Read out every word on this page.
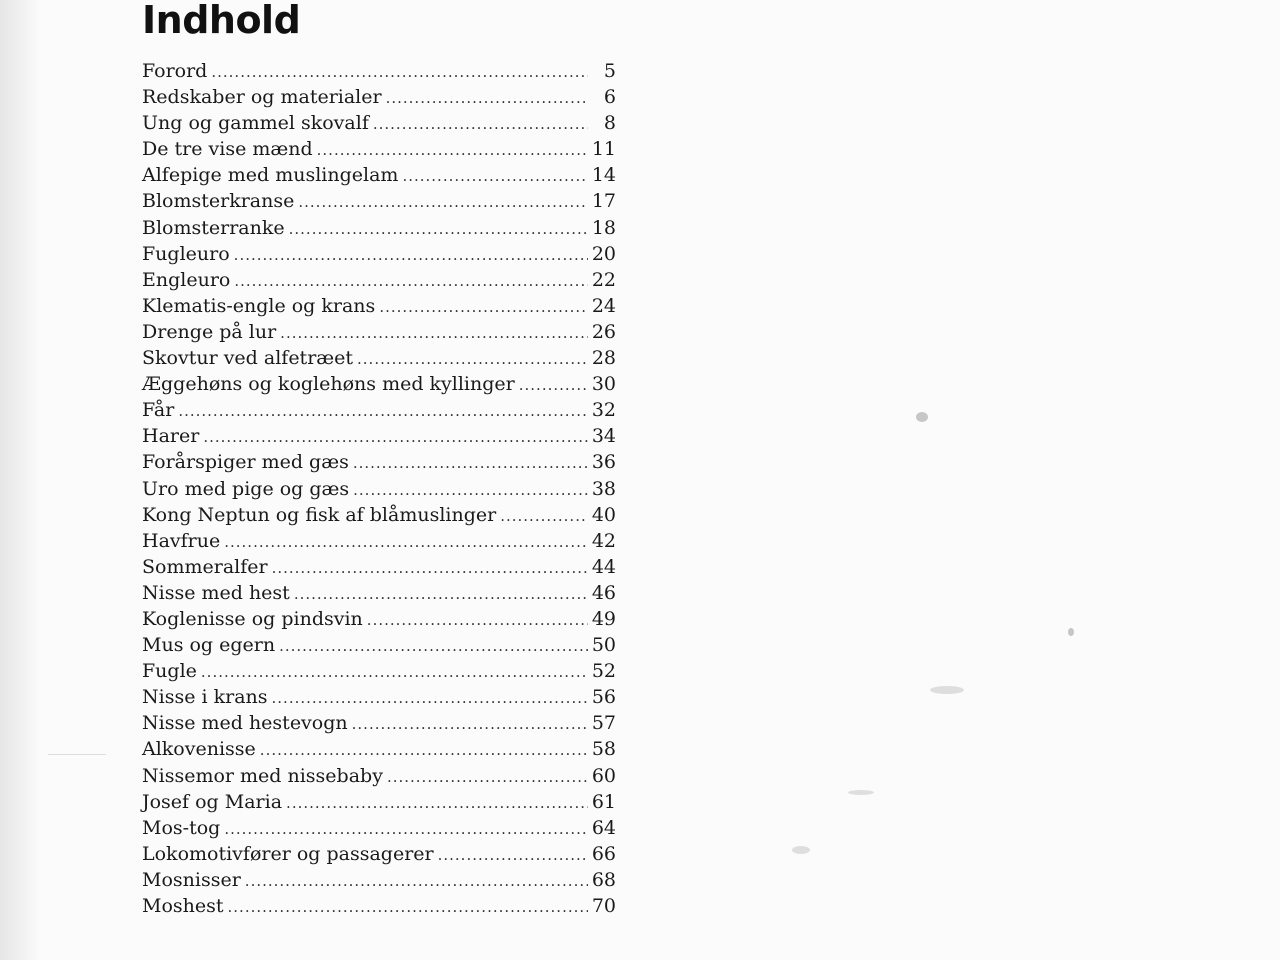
Indhold
Forord .....	5
Redskaber og materialer .....	6
Ung og gammel skovalf .....	8
De tre vise mænd .....	11
Alfepige med muslingelam .....	14
Blomsterkranse .....	17
Blomsterranke .....	18
Fugleuro .....	20
Engleuro .....	22
Klematis-engle og krans .....	24
Drenge på lur .....	26
Skovtur ved alfetræet .....	28
Æggehøns og koglehøns med kyllinger .....	30
Får .....	32
Harer .....	34
Forårspiger med gæs .....	36
Uro med pige og gæs .....	38
Kong Neptun og fisk af blåmuslinger .....	40
Havfrue .....	42
Sommeralfer .....	44
Nisse med hest .....	46
Koglenisse og pindsvin .....	49
Mus og egern .....	50
Fugle .....	52
Nisse i krans .....	56
Nisse med hestevogn .....	57
Alkovenisse .....	58
Nissemor med nissebaby .....	60
Josef og Maria .....	61
Mos-tog .....	64
Lokomotivfører og passagerer .....	66
Mosnisser .....	68
Moshest .....	70
